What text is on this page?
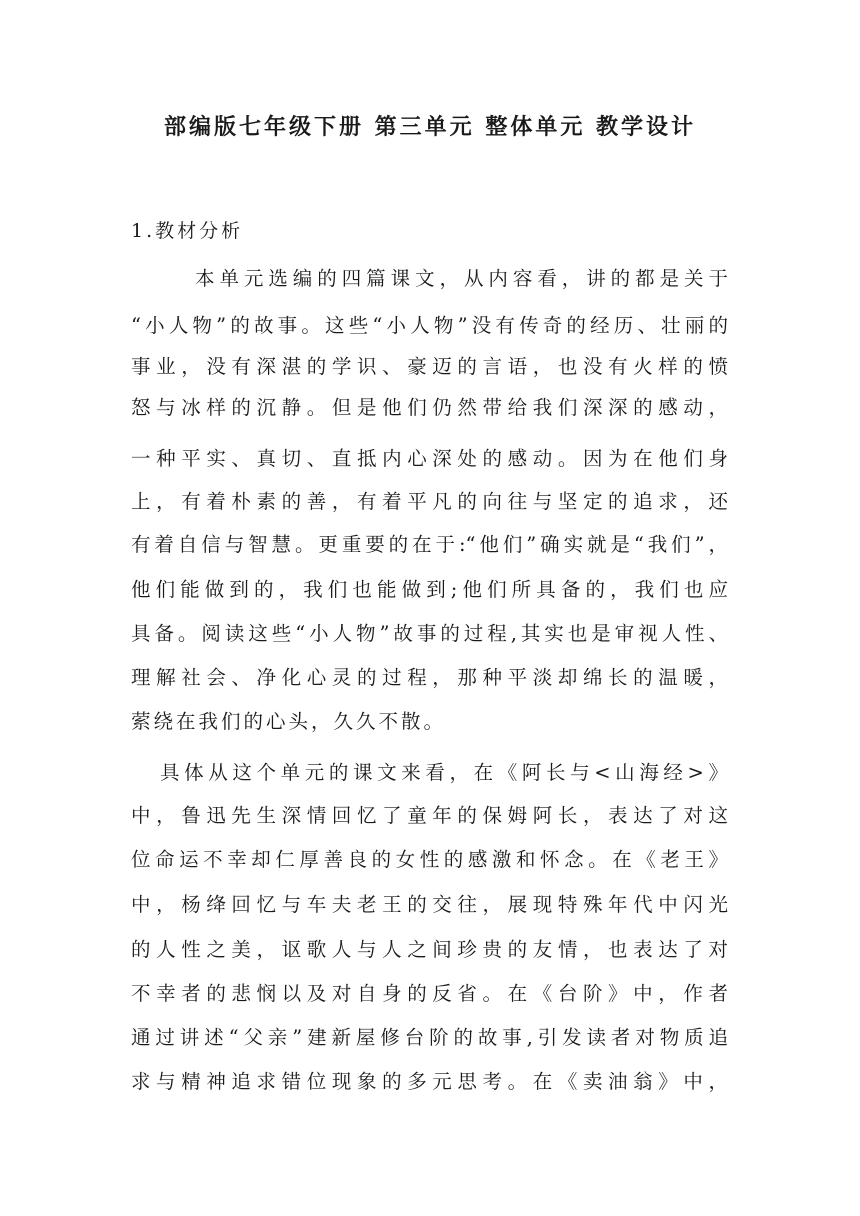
部编版七年级下册 第三单元 整体单元 教学设计

1.教材分析

本单元选编的四篇课文，从内容看，讲的都是关于

“小人物”的故事。这些“小人物”没有传奇的经历、壮丽的

事业，没有深湛的学识、豪迈的言语，也没有火样的愤

怒与冰样的沉静。但是他们仍然带给我们深深的感动，

一种平实、真切、直抵内心深处的感动。因为在他们身

上，有着朴素的善，有着平凡的向往与坚定的追求，还

有着自信与智慧。更重要的在于:“他们”确实就是“我们”，

他们能做到的，我们也能做到;他们所具备的，我们也应

具备。阅读这些“小人物”故事的过程,其实也是审视人性、

理解社会、净化心灵的过程，那种平淡却绵长的温暖，

萦绕在我们的心头，久久不散。

具体从这个单元的课文来看，在《阿长与<山海经>》

中，鲁迅先生深情回忆了童年的保姆阿长，表达了对这

位命运不幸却仁厚善良的女性的感激和怀念。在《老王》

中，杨绛回忆与车夫老王的交往，展现特殊年代中闪光

的人性之美，讴歌人与人之间珍贵的友情，也表达了对

不幸者的悲悯以及对自身的反省。在《台阶》中，作者

通过讲述“父亲”建新屋修台阶的故事,引发读者对物质追

求与精神追求错位现象的多元思考。在《卖油翁》中，
